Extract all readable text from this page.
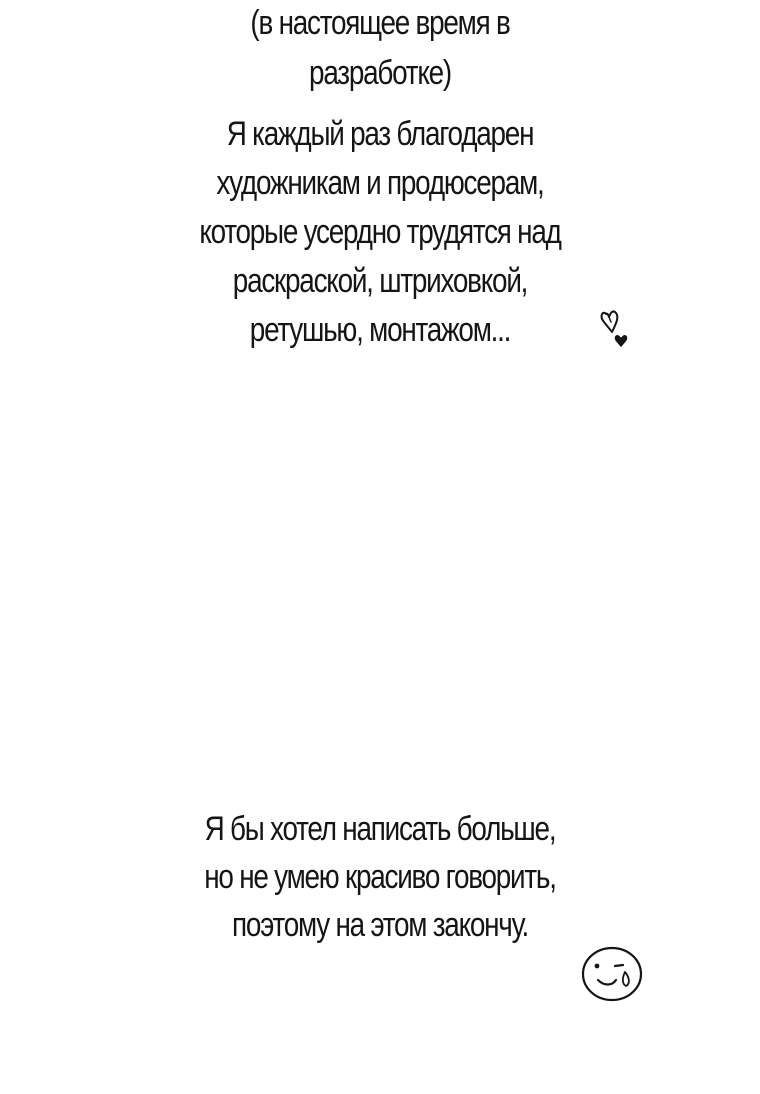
(в настоящее время в
разработке)
Я каждый раз благодарен
художникам и продюсерам,
которые усердно трудятся над
раскраской, штриховкой,
ретушью, монтажом...
Я бы хотел написать больше,
но не умею красиво говорить,
поэтому на этом закончу.
